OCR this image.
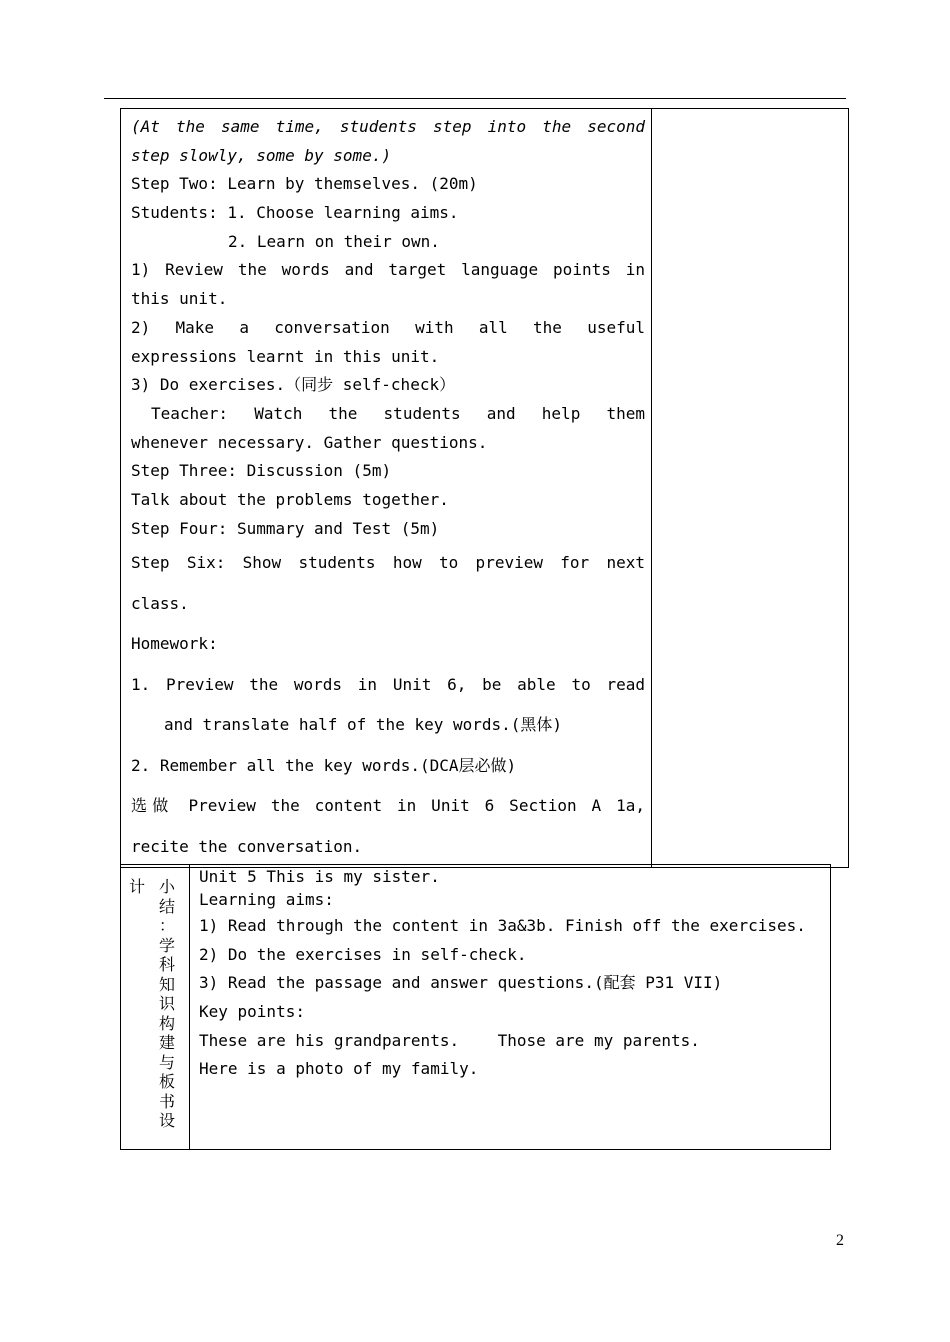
(At the same time, students step into the second
step slowly, some by some.)
Step Two: Learn by themselves. (20m)
Students: 1. Choose learning aims.
2. Learn on their own.
1) Review the words and target language points in
this unit.
2) Make a conversation with all the useful
expressions learnt in this unit.
3) Do exercises.（同步 self-check）
Teacher: Watch the students and help them
whenever necessary. Gather questions.
Step Three: Discussion (5m)
Talk about the problems together.
Step Four: Summary and Test (5m)
Step Six: Show students how to preview for next
class.
Homework:
1. Preview the words in Unit 6, be able to read
and translate half of the key words.(黑体)
2. Remember all the key words.(DCA层必做)
选做 Preview the content in Unit 6 Section A 1a,
recite the conversation.

计 小
结
：
学
科
知
识
构
建
与
板
书
设

Unit 5 This is my sister.
Learning aims:
1) Read through the content in 3a&3b. Finish off the exercises.
2) Do the exercises in self-check.
3) Read the passage and answer questions.(配套 P31 VII)
Key points:
These are his grandparents.    Those are my parents.
Here is a photo of my family.
2
